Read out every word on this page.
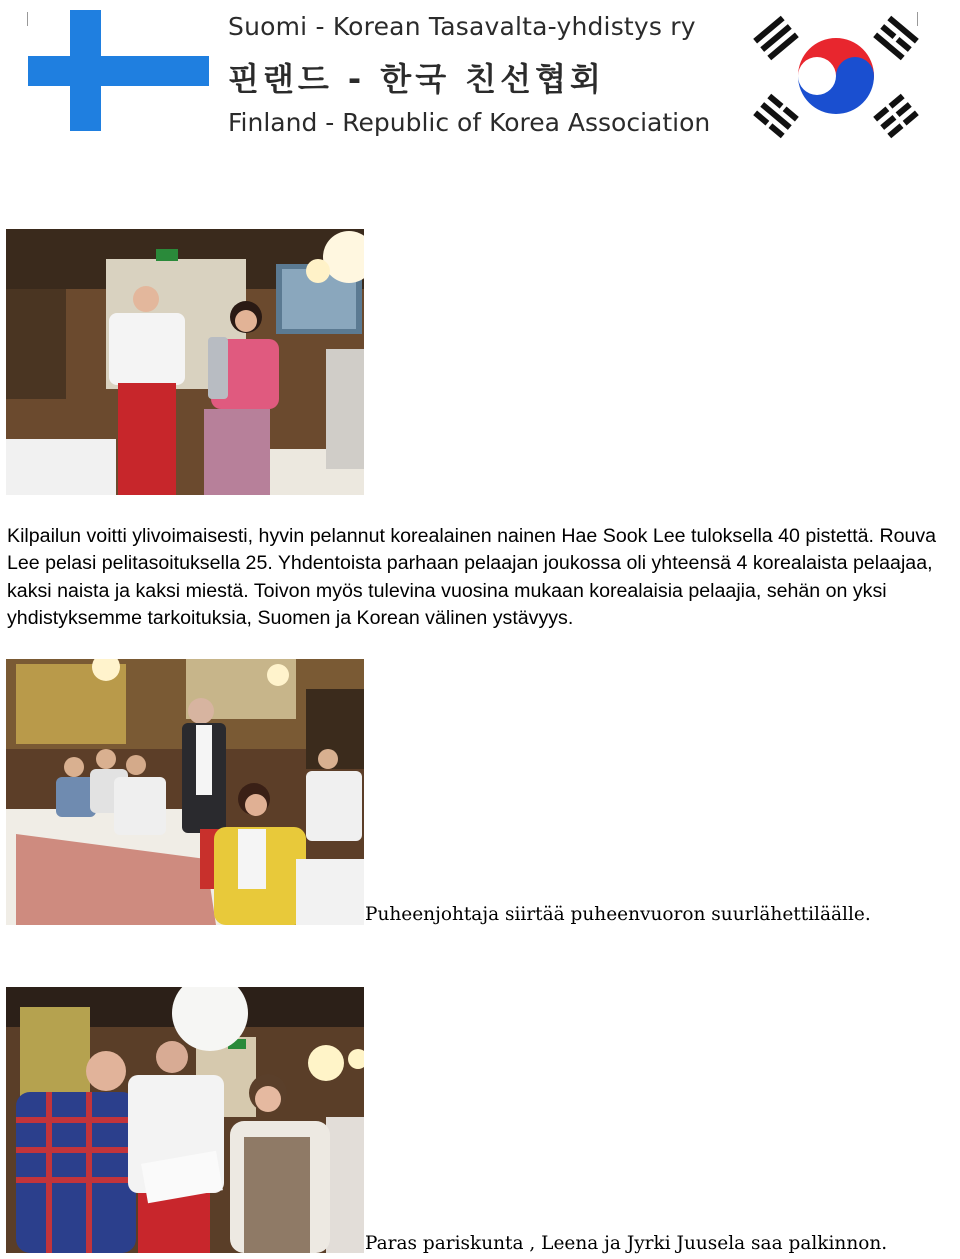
Suomi - Korean Tasavalta-yhdistys ry
핀랜드 - 한국 친선협회
Finland - Republic of Korea Association

Kilpailun voitti ylivoimaisesti, hyvin pelannut korealainen nainen Hae Sook Lee tuloksella 40 pistettä. Rouva Lee pelasi pelitasoituksella 25. Yhdentoista parhaan pelaajan joukossa oli yhteensä 4 korealaista pelaajaa, kaksi naista ja kaksi miestä. Toivon myös tulevina vuosina mukaan korealaisia pelaajia, sehän on yksi yhdistyksemme tarkoituksia, Suomen ja Korean välinen ystävyys.

Puheenjohtaja siirtää puheenvuoron suurlähettiläälle.
Paras pariskunta , Leena ja Jyrki Juusela saa palkinnon.
